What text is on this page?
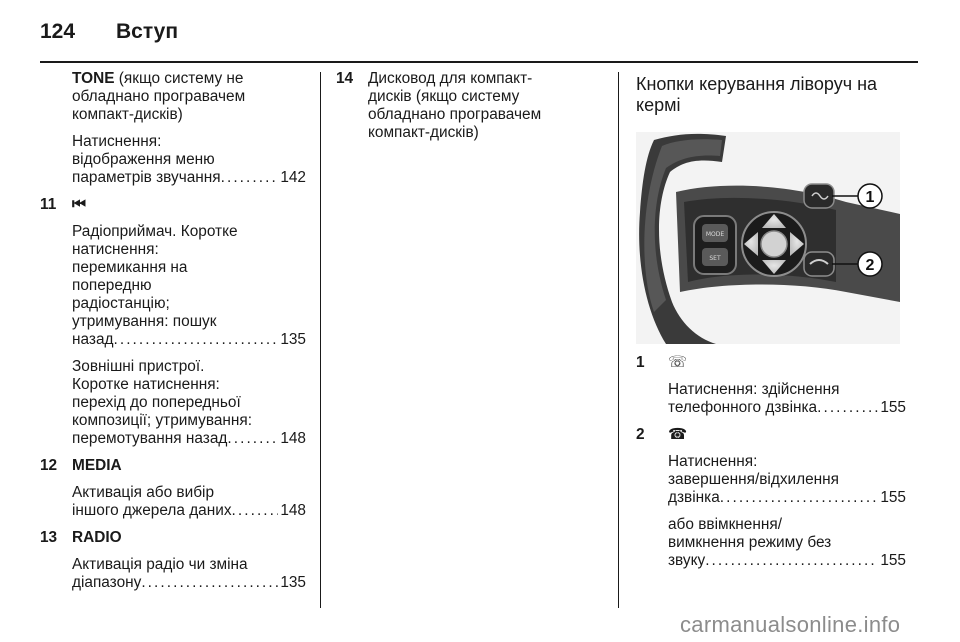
124 Вступ
TONE (якщо систему не
обладнано програвачем
компакт-дисків)
Натиснення:
відображення меню
параметрів звучання . . .	142
11 ⏮
Радіоприймач. Коротке
натиснення:
перемикання на
попередню
радіостанцію;
утримування: пошук
назад . . .	135
Зовнішні пристрої.
Коротке натиснення:
перехід до попередньої
композиції; утримування:
перемотування назад . . .	148
12 MEDIA
Активація або вибір
іншого джерела даних . . .	148
13 RADIO
Активація радіо чи зміна
діапазону . . .	135
14 Дисковод для компакт-
дисків (якщо систему
обладнано програвачем
компакт-дисків)
Кнопки керування ліворуч на
кермі
MODE
SET
1
2
1 ☏
Натиснення: здійснення
телефонного дзвінка . . .	155
2 ☎
Натиснення:
завершення/відхилення
дзвінка . . .	155
або ввімкнення/
вимкнення режиму без
звуку . . .	155
carmanualsonline.info
